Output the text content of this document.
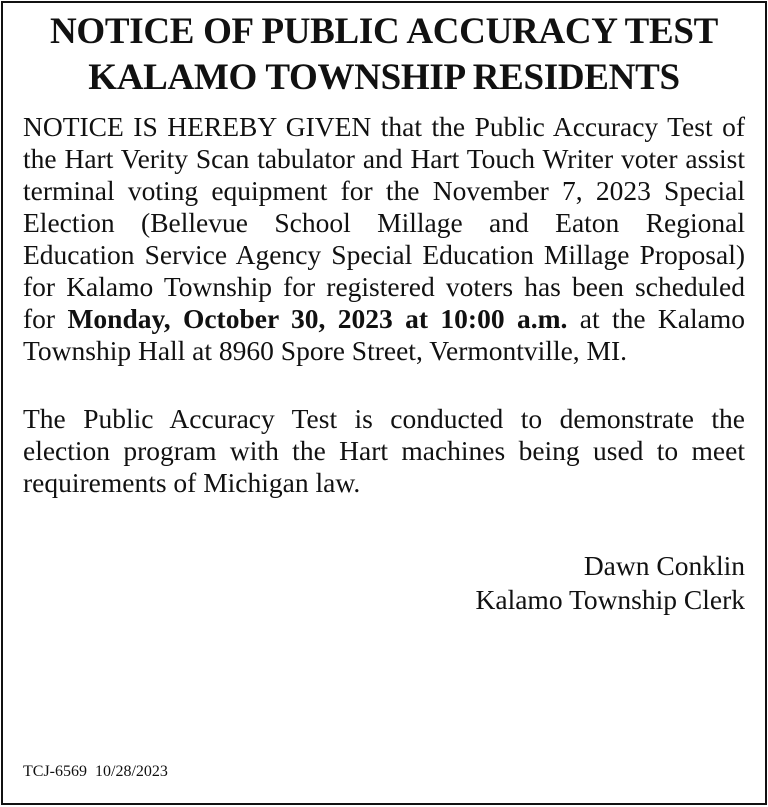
NOTICE OF PUBLIC ACCURACY TEST
KALAMO TOWNSHIP RESIDENTS

NOTICE IS HEREBY GIVEN that the Public Accuracy Test of the Hart Verity Scan tabulator and Hart Touch Writer voter assist terminal voting equipment for the November 7, 2023 Special Election (Bellevue School Millage and Eaton Regional Education Service Agency Special Education Millage Proposal) for Kalamo Township for registered voters has been scheduled for Monday, October 30, 2023 at 10:00 a.m. at the Kalamo Township Hall at 8960 Spore Street, Vermontville, MI.

The Public Accuracy Test is conducted to demonstrate the election program with the Hart machines being used to meet requirements of Michigan law.

Dawn Conklin
Kalamo Township Clerk
TCJ-6569 10/28/2023
